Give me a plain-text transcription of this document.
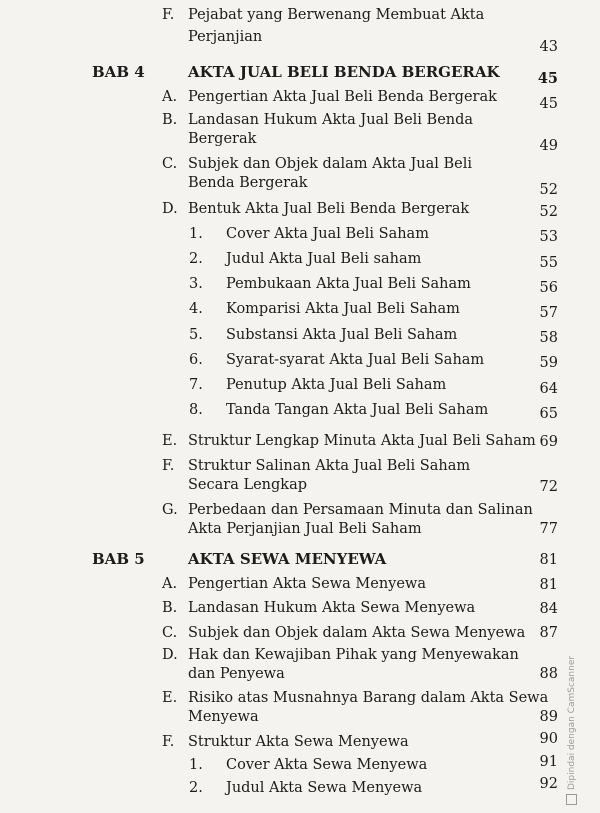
F. Pejabat yang Berwenang Membuat Akta
Perjanjian
43
BAB 4	AKTA JUAL BELI BENDA BERGERAK	45
A. Pengertian Akta Jual Beli Benda Bergerak	45
B. Landasan Hukum Akta Jual Beli Benda
Bergerak	49
C. Subjek dan Objek dalam Akta Jual Beli
Benda Bergerak	52
D. Bentuk Akta Jual Beli Benda Bergerak	52
1. Cover Akta Jual Beli Saham	53
2. Judul Akta Jual Beli saham	55
3. Pembukaan Akta Jual Beli Saham	56
4. Komparisi Akta Jual Beli Saham	57
5. Substansi Akta Jual Beli Saham	58
6. Syarat-syarat Akta Jual Beli Saham	59
7. Penutup Akta Jual Beli Saham	64
8. Tanda Tangan Akta Jual Beli Saham	65
E. Struktur Lengkap Minuta Akta Jual Beli Saham 69
F. Struktur Salinan Akta Jual Beli Saham
Secara Lengkap	72
G. Perbedaan dan Persamaan Minuta dan Salinan
Akta Perjanjian Jual Beli Saham	77
BAB 5	AKTA SEWA MENYEWA	81
A. Pengertian Akta Sewa Menyewa	81
B. Landasan Hukum Akta Sewa Menyewa	84
C. Subjek dan Objek dalam Akta Sewa Menyewa 87
D. Hak dan Kewajiban Pihak yang Menyewakan
dan Penyewa	88
E. Risiko atas Musnahnya Barang dalam Akta Sewa
Menyewa	89
F. Struktur Akta Sewa Menyewa	90
1. Cover Akta Sewa Menyewa	91
2. Judul Akta Sewa Menyewa	92 Dipindai dengan CamScanner
